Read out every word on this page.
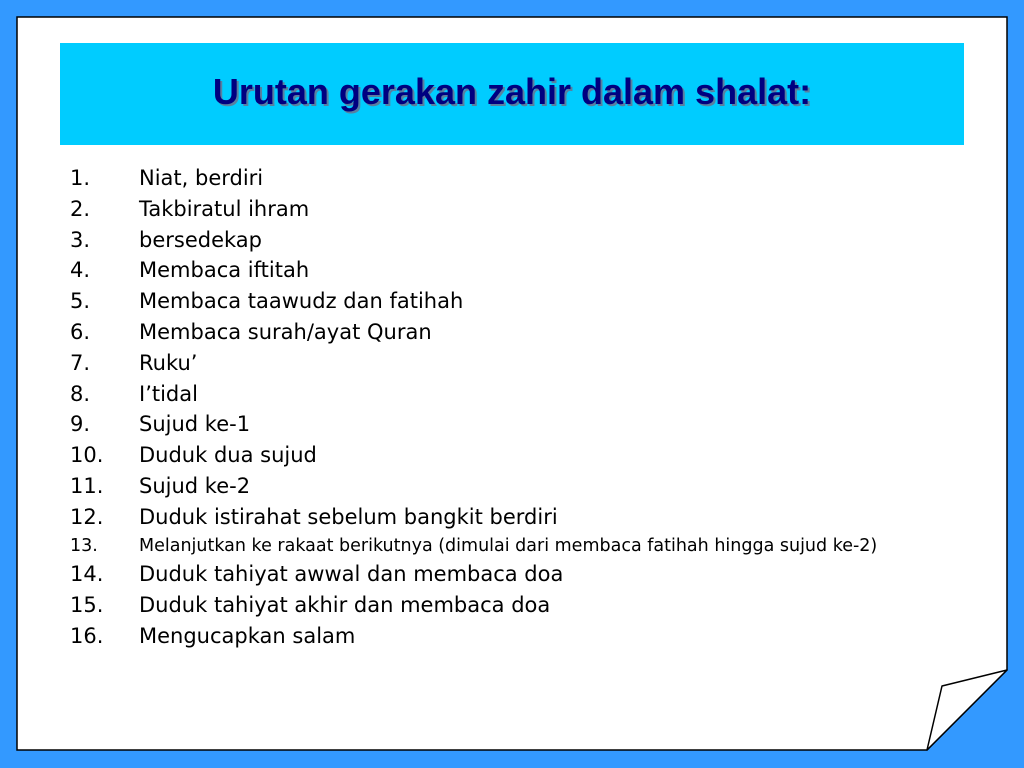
Urutan gerakan zahir dalam shalat:
1.	Niat, berdiri
2.	Takbiratul ihram
3.	bersedekap
4.	Membaca iftitah
5.	Membaca taawudz dan fatihah
6.	Membaca surah/ayat Quran
7.	Ruku’
8.	I’tidal
9.	Sujud ke-1
10.	Duduk dua sujud
11.	Sujud ke-2
12.	Duduk istirahat sebelum bangkit berdiri
13.	Melanjutkan ke rakaat berikutnya (dimulai dari membaca fatihah hingga sujud ke-2)
14.	Duduk tahiyat awwal dan membaca doa
15.	Duduk tahiyat akhir dan membaca doa
16.	Mengucapkan salam
